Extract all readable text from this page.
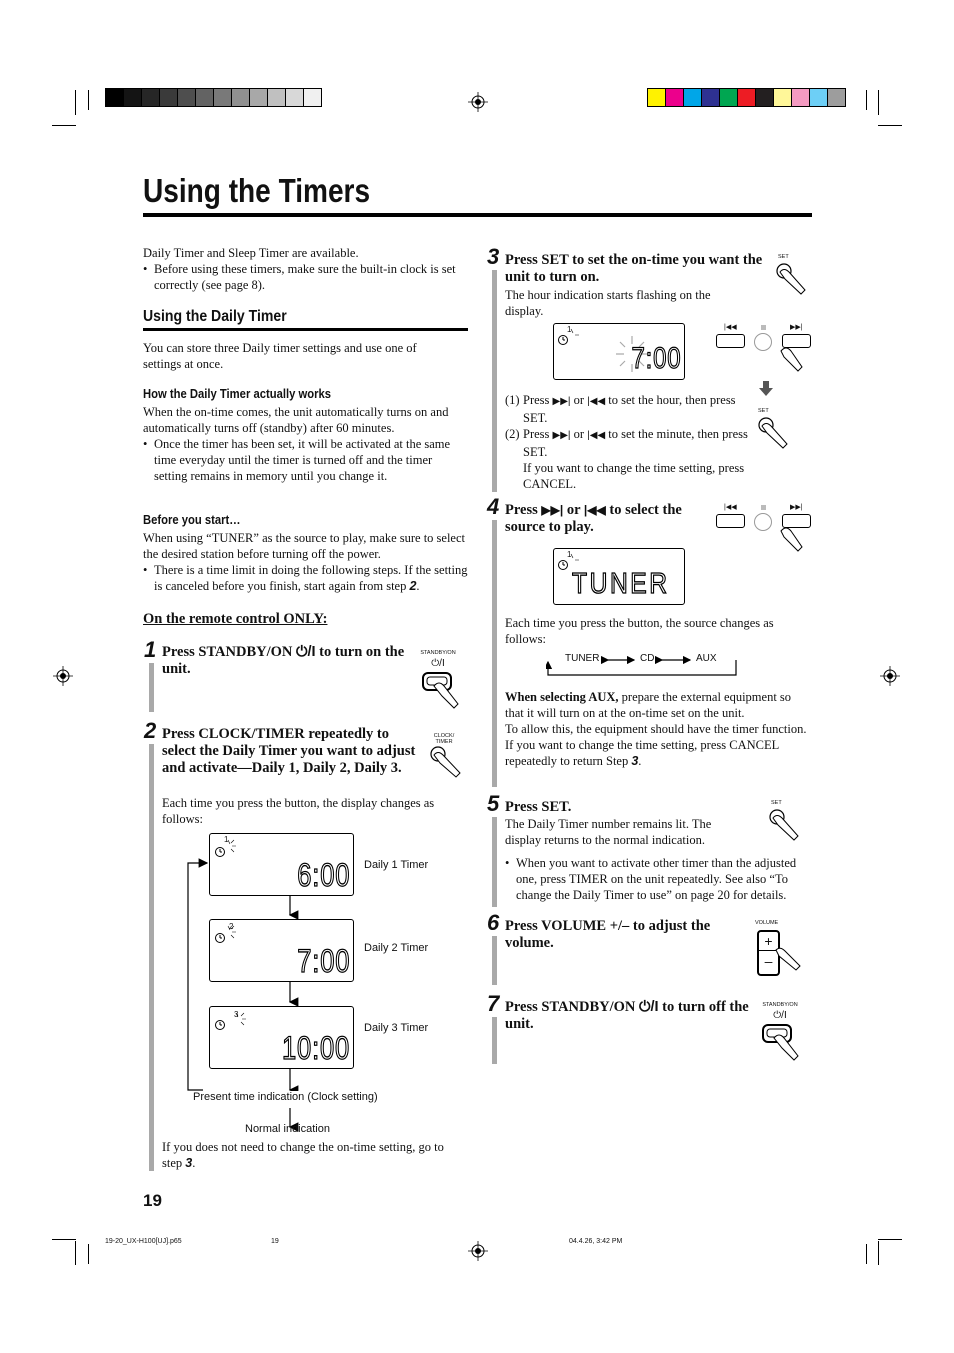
Using the Timers
Daily Timer and Sleep Timer are available.
• Before using these timers, make sure the built-in clock is set correctly (see page 8).
Using the Daily Timer
You can store three Daily timer settings and use one of settings at once.
How the Daily Timer actually works
When the on-time comes, the unit automatically turns on and automatically turns off (standby) after 60 minutes.
• Once the timer has been set, it will be activated at the same time everyday until the timer is turned off and the timer setting remains in memory until you change it.
Before you start…
When using “TUNER” as the source to play, make sure to select the desired station before turning off the power.
• There is a time limit in doing the following steps. If the setting is canceled before you finish, start again from step 2.
On the remote control ONLY:
1 Press STANDBY/ON ⏻/I to turn on the unit.
STANDBY/ON
⏻/I
2 Press CLOCK/TIMER repeatedly to select the Daily Timer you want to adjust and activate—Daily 1, Daily 2, Daily 3.
CLOCK/
TIMER
Each time you press the button, the display changes as follows:
1
6:00 Daily 1 Timer
2
7:00 Daily 2 Timer
3
10:00
Daily 3 Timer
Present time indication (Clock setting)
Normal indication
If you does not need to change the on-time setting, go to step 3.
19
3 Press SET to set the on-time you want the unit to turn on.
The hour indication starts flashing on the display.
SET
1
7:00
|◀◀	▶▶|
SET
(1) Press ▶▶| or |◀◀ to set the hour, then press SET.
(2) Press ▶▶| or |◀◀ to set the minute, then press SET.
If you want to change the time setting, press CANCEL.
4 Press ▶▶| or |◀◀ to select the source to play.
|◀◀	▶▶|
1
TUNER
Each time you press the button, the source changes as follows:
TUNER	CD	AUX
When selecting AUX, prepare the external equipment so that it will turn on at the on-time set on the unit.
To allow this, the equipment should have the timer function.
If you want to change the time setting, press CANCEL repeatedly to return Step 3.
5 Press SET.	SET
The Daily Timer number remains lit. The display returns to the normal indication.
• When you want to activate other timer than the adjusted one, press TIMER on the unit repeatedly. See also “To change the Daily Timer to use” on page 20 for details.
6 Press VOLUME +/– to adjust the volume.
VOLUME
+
–
7 Press STANDBY/ON ⏻/I to turn off the unit.
STANDBY/ON
⏻/I
19-20_UX-H100[UJ].p65	19	04.4.26, 3:42 PM
